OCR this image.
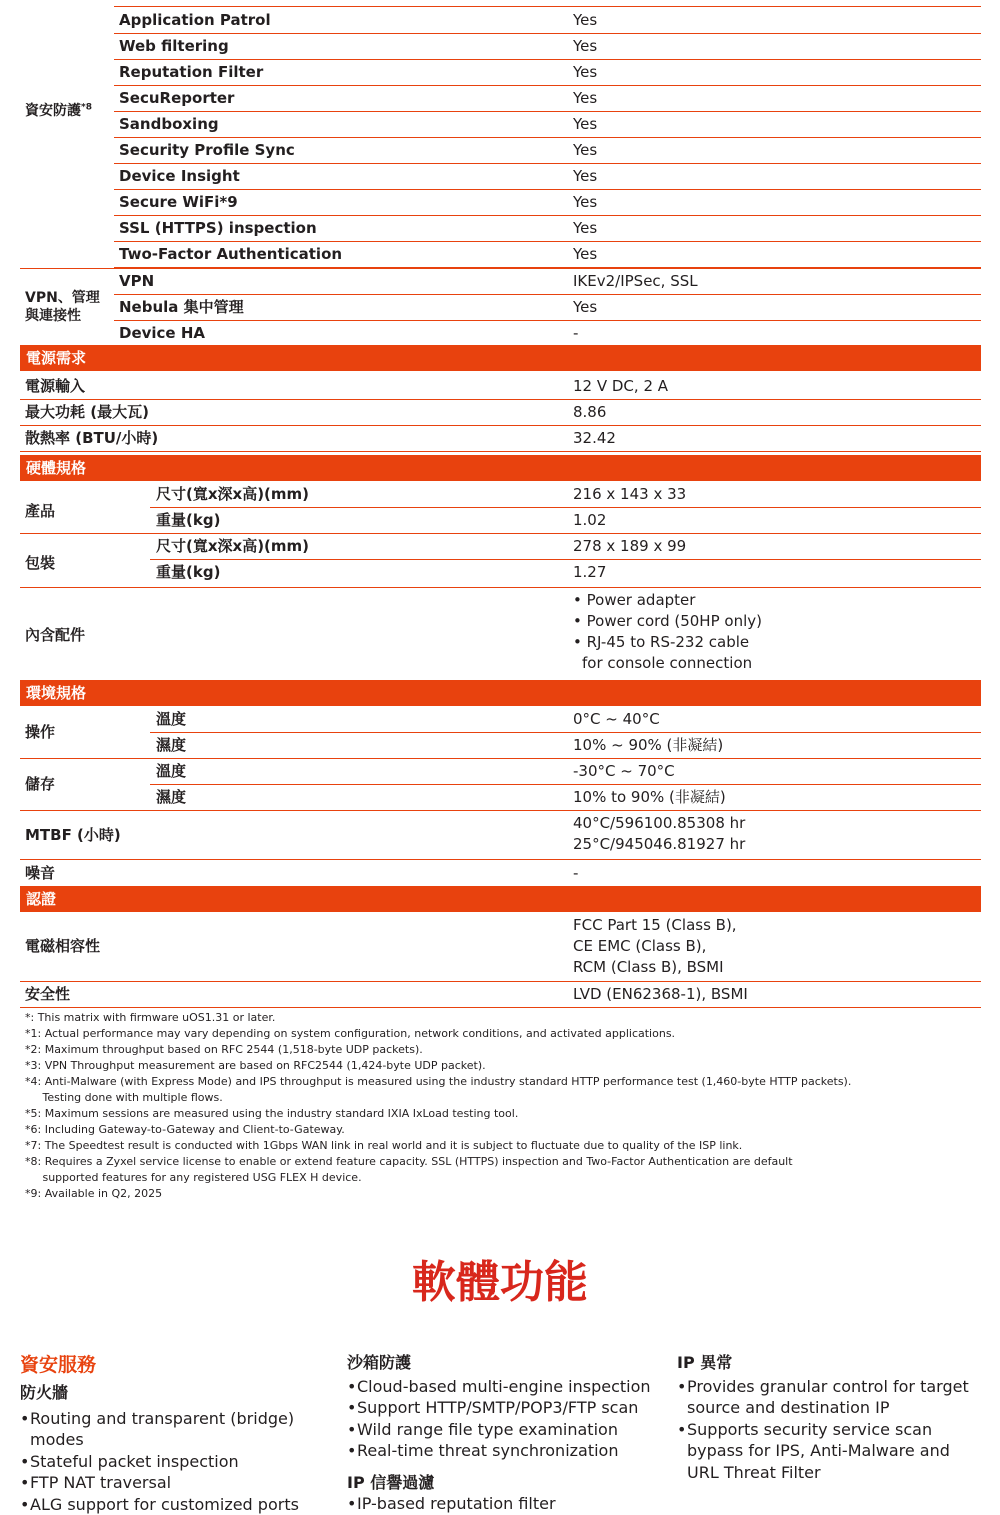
資安防護$^{*8}$
Application Patrol	Yes
Web filtering	Yes
Reputation Filter	Yes
SecuReporter	Yes
Sandboxing	Yes
Security Profile Sync	Yes
Device Insight	Yes
Secure WiFi*9	Yes
SSL (HTTPS) inspection	Yes
Two-Factor Authentication	Yes
VPN、管理
與連接性
VPN	IKEv2/IPSec, SSL
Nebula 集中管理	Yes
Device HA	-
電源需求
電源輸入	12 V DC, 2 A
最大功耗 (最大瓦)	8.86
散熱率 (BTU/小時)	32.42
硬體規格
產品
尺寸(寬x深x高)(mm)	216 x 143 x 33
重量(kg)	1.02
包裝
尺寸(寬x深x高)(mm)	278 x 189 x 99
重量(kg)	1.27
內含配件
• Power adapter
• Power cord (50HP only)
• RJ-45 to RS-232 cable
for console connection
環境規格
操作
溫度	0°C ~ 40°C
濕度	10% ~ 90% (非凝結)
儲存
溫度	-30°C ~ 70°C
濕度	10% to 90% (非凝結)
MTBF (小時)
40°C/596100.85308 hr
25°C/945046.81927 hr
噪音	-
認證
電磁相容性
FCC Part 15 (Class B),
CE EMC (Class B),
RCM (Class B), BSMI
安全性	LVD (EN62368-1), BSMI
*: This matrix with firmware uOS1.31 or later.
*1: Actual performance may vary depending on system configuration, network conditions, and activated applications.
*2: Maximum throughput based on RFC 2544 (1,518-byte UDP packets).
*3: VPN Throughput measurement are based on RFC2544 (1,424-byte UDP packet).
*4: Anti-Malware (with Express Mode) and IPS throughput is measured using the industry standard HTTP performance test (1,460-byte HTTP packets).
Testing done with multiple flows.
*5: Maximum sessions are measured using the industry standard IXIA IxLoad testing tool.
*6: Including Gateway-to-Gateway and Client-to-Gateway.
*7: The Speedtest result is conducted with 1Gbps WAN link in real world and it is subject to fluctuate due to quality of the ISP link.
*8: Requires a Zyxel service license to enable or extend feature capacity. SSL (HTTPS) inspection and Two-Factor Authentication are default
supported features for any registered USG FLEX H device.
*9: Available in Q2, 2025
軟體功能
資安服務
防火牆
• Routing and transparent (bridge) modes
• Stateful packet inspection
• FTP NAT traversal
• ALG support for customized ports
沙箱防護
• Cloud-based multi-engine inspection
• Support HTTP/SMTP/POP3/FTP scan
• Wild range file type examination
• Real-time threat synchronization
IP 信譽過濾
• IP-based reputation filter
IP 異常
• Provides granular control for target source and destination IP
• Supports security service scan bypass for IPS, Anti-Malware and URL Threat Filter
